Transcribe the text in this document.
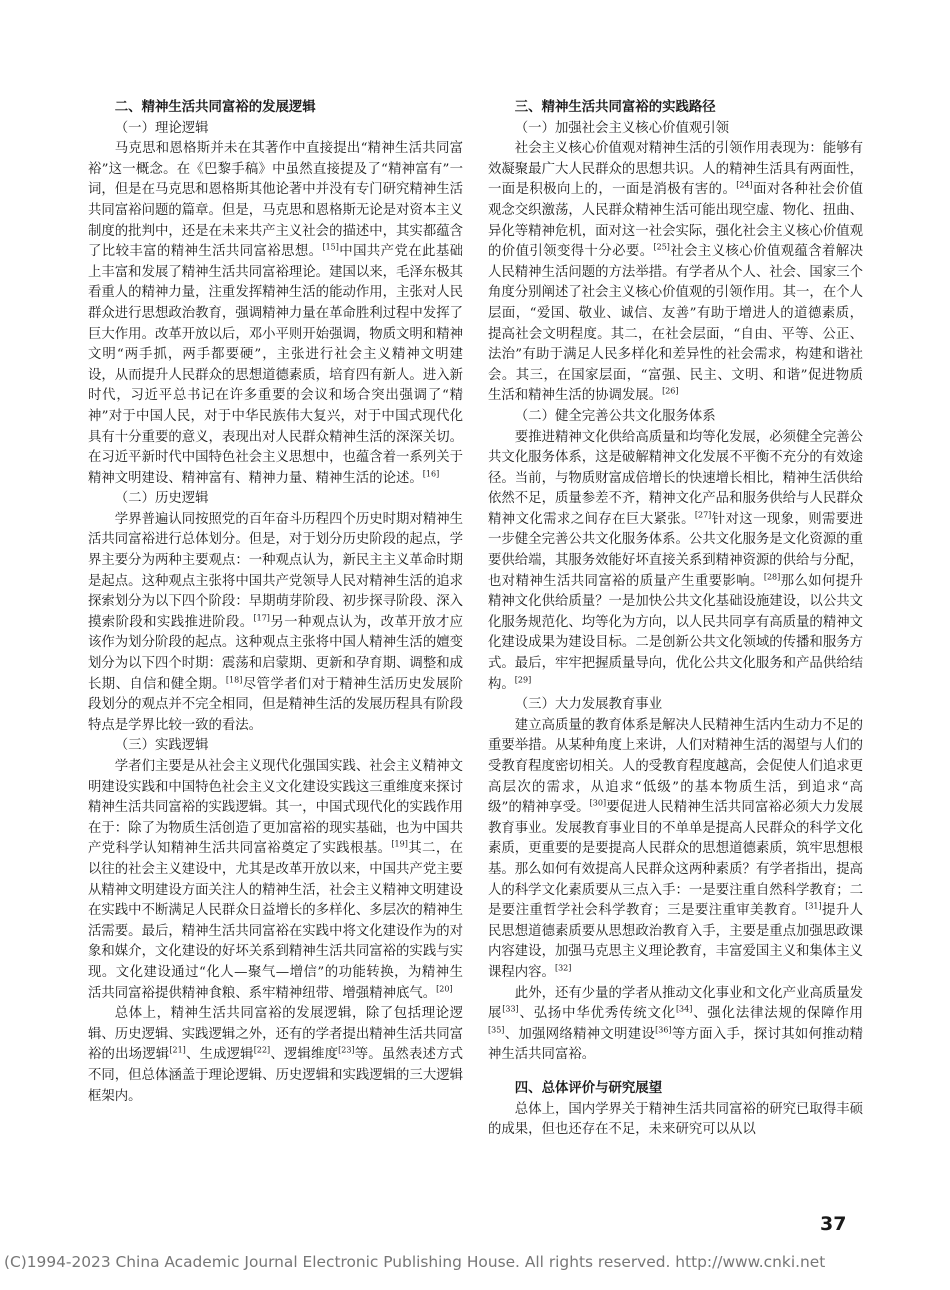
二、精神生活共同富裕的发展逻辑
（一）理论逻辑

马克思和恩格斯并未在其著作中直接提出“精神生活共同富裕”这一概念。在《巴黎手稿》中虽然直接提及了“精神富有”一词，但是在马克思和恩格斯其他论著中并没有专门研究精神生活共同富裕问题的篇章。但是，马克思和恩格斯无论是对资本主义制度的批判中，还是在未来共产主义社会的描述中，其实都蕴含了比较丰富的精神生活共同富裕思想。[15]中国共产党在此基础上丰富和发展了精神生活共同富裕理论。建国以来，毛泽东极其看重人的精神力量，注重发挥精神生活的能动作用，主张对人民群众进行思想政治教育，强调精神力量在革命胜利过程中发挥了巨大作用。改革开放以后，邓小平则开始强调，物质文明和精神文明“两手抓，两手都要硬”，主张进行社会主义精神文明建设，从而提升人民群众的思想道德素质，培育四有新人。进入新时代，习近平总书记在许多重要的会议和场合突出强调了“精神”对于中国人民，对于中华民族伟大复兴，对于中国式现代化具有十分重要的意义，表现出对人民群众精神生活的深深关切。在习近平新时代中国特色社会主义思想中，也蕴含着一系列关于精神文明建设、精神富有、精神力量、精神生活的论述。[16]

（二）历史逻辑

学界普遍认同按照党的百年奋斗历程四个历史时期对精神生活共同富裕进行总体划分。但是，对于划分历史阶段的起点，学界主要分为两种主要观点：一种观点认为，新民主主义革命时期是起点。这种观点主张将中国共产党领导人民对精神生活的追求探索划分为以下四个阶段：早期萌芽阶段、初步探寻阶段、深入摸索阶段和实践推进阶段。[17]另一种观点认为，改革开放才应该作为划分阶段的起点。这种观点主张将中国人精神生活的嬗变划分为以下四个时期：震荡和启蒙期、更新和孕育期、调整和成长期、自信和健全期。[18]尽管学者们对于精神生活历史发展阶段划分的观点并不完全相同，但是精神生活的发展历程具有阶段特点是学界比较一致的看法。

（三）实践逻辑

学者们主要是从社会主义现代化强国实践、社会主义精神文明建设实践和中国特色社会主义文化建设实践这三重维度来探讨精神生活共同富裕的实践逻辑。其一，中国式现代化的实践作用在于：除了为物质生活创造了更加富裕的现实基础，也为中国共产党科学认知精神生活共同富裕奠定了实践根基。[19]其二，在以往的社会主义建设中，尤其是改革开放以来，中国共产党主要从精神文明建设方面关注人的精神生活，社会主义精神文明建设在实践中不断满足人民群众日益增长的多样化、多层次的精神生活需要。最后，精神生活共同富裕在实践中将文化建设作为的对象和媒介，文化建设的好坏关系到精神生活共同富裕的实践与实现。文化建设通过“化人—聚气—增信”的功能转换，为精神生活共同富裕提供精神食粮、系牢精神纽带、增强精神底气。[20]

总体上，精神生活共同富裕的发展逻辑，除了包括理论逻辑、历史逻辑、实践逻辑之外，还有的学者提出精神生活共同富裕的出场逻辑[21]、生成逻辑[22]、逻辑维度[23]等。虽然表述方式不同，但总体涵盖于理论逻辑、历史逻辑和实践逻辑的三大逻辑框架内。

三、精神生活共同富裕的实践路径
（一）加强社会主义核心价值观引领

社会主义核心价值观对精神生活的引领作用表现为：能够有效凝聚最广大人民群众的思想共识。人的精神生活具有两面性，一面是积极向上的，一面是消极有害的。[24]面对各种社会价值观念交织激荡，人民群众精神生活可能出现空虚、物化、扭曲、异化等精神危机，面对这一社会实际，强化社会主义核心价值观的价值引领变得十分必要。[25]社会主义核心价值观蕴含着解决人民精神生活问题的方法举措。有学者从个人、社会、国家三个角度分别阐述了社会主义核心价值观的引领作用。其一，在个人层面，“爱国、敬业、诚信、友善”有助于增进人的道德素质，提高社会文明程度。其二，在社会层面，“自由、平等、公正、法治”有助于满足人民多样化和差异性的社会需求，构建和谐社会。其三，在国家层面，“富强、民主、文明、和谐”促进物质生活和精神生活的协调发展。[26]

（二）健全完善公共文化服务体系

要推进精神文化供给高质量和均等化发展，必须健全完善公共文化服务体系，这是破解精神文化发展不平衡不充分的有效途径。当前，与物质财富成倍增长的快速增长相比，精神生活供给依然不足，质量参差不齐，精神文化产品和服务供给与人民群众精神文化需求之间存在巨大紧张。[27]针对这一现象，则需要进一步健全完善公共文化服务体系。公共文化服务是文化资源的重要供给端，其服务效能好坏直接关系到精神资源的供给与分配，也对精神生活共同富裕的质量产生重要影响。[28]那么如何提升精神文化供给质量？一是加快公共文化基础设施建设，以公共文化服务规范化、均等化为方向，以人民共同享有高质量的精神文化建设成果为建设目标。二是创新公共文化领域的传播和服务方式。最后，牢牢把握质量导向，优化公共文化服务和产品供给结构。[29]

（三）大力发展教育事业

建立高质量的教育体系是解决人民精神生活内生动力不足的重要举措。从某种角度上来讲，人们对精神生活的渴望与人们的受教育程度密切相关。人的受教育程度越高，会促使人们追求更高层次的需求，从追求“低级”的基本物质生活，到追求“高级”的精神享受。[30]要促进人民精神生活共同富裕必须大力发展教育事业。发展教育事业目的不单单是提高人民群众的科学文化素质，更重要的是要提高人民群众的思想道德素质，筑牢思想根基。那么如何有效提高人民群众这两种素质？有学者指出，提高人的科学文化素质要从三点入手：一是要注重自然科学教育；二是要注重哲学社会科学教育；三是要注重审美教育。[31]提升人民思想道德素质要从思想政治教育入手，主要是重点加强思政课内容建设，加强马克思主义理论教育，丰富爱国主义和集体主义课程内容。[32]

此外，还有少量的学者从推动文化事业和文化产业高质量发展[33]、弘扬中华优秀传统文化[34]、强化法律法规的保障作用[35]、加强网络精神文明建设[36]等方面入手，探讨其如何推动精神生活共同富裕。

四、总体评价与研究展望

总体上，国内学界关于精神生活共同富裕的研究已取得丰硕的成果，但也还存在不足，未来研究可以从以

37
(C)1994-2023 China Academic Journal Electronic Publishing House. All rights reserved. http://www.cnki.net
